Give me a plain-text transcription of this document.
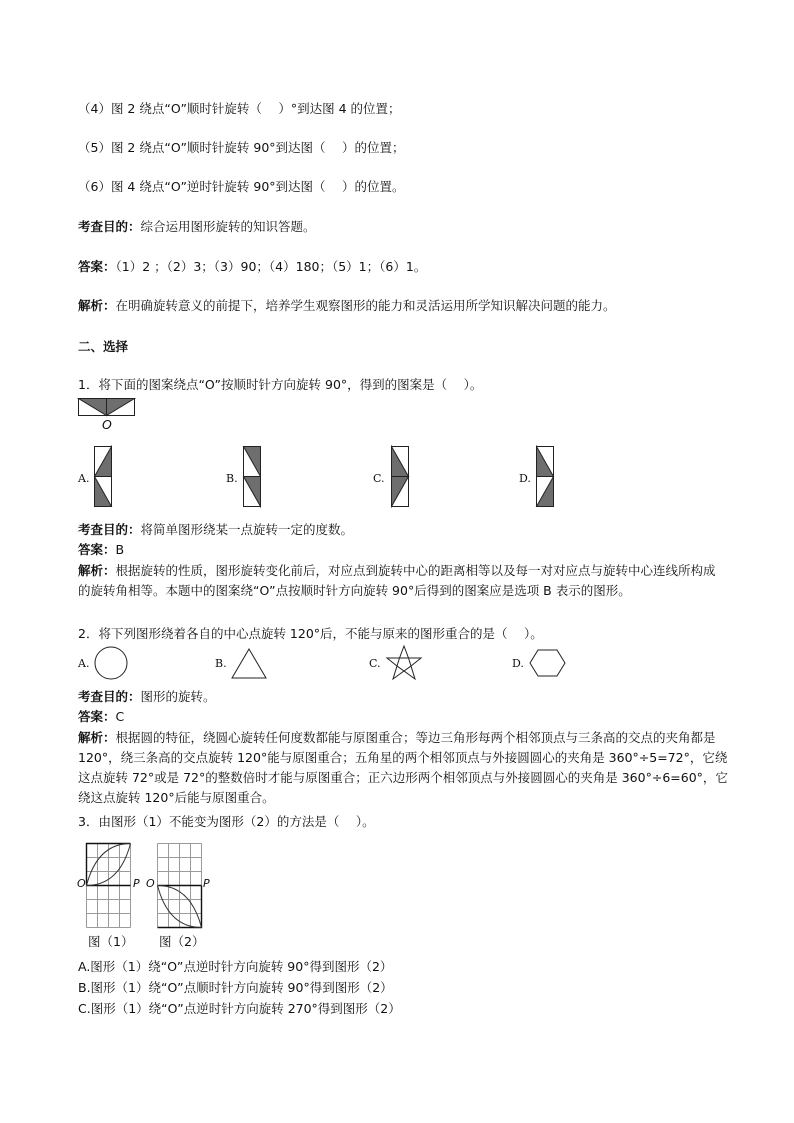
（4）图 2 绕点“O”顺时针旋转（　 ）°到达图 4 的位置；
（5）图 2 绕点“O”顺时针旋转 90°到达图（　 ）的位置；
（6）图 4 绕点“O”逆时针旋转 90°到达图（　 ）的位置。
考查目的：综合运用图形旋转的知识答题。
答案：（1）2 ；（2）3；（3）90；（4）180；（5）1；（6）1。
解析：在明确旋转意义的前提下，培养学生观察图形的能力和灵活运用所学知识解决问题的能力。
二、选择
1．将下面的图案绕点“O”按顺时针方向旋转 90°，得到的图案是（　 ）。
O
A.	B.	C.	D.
考查目的：将简单图形绕某一点旋转一定的度数。
答案：B
解析：根据旋转的性质，图形旋转变化前后，对应点到旋转中心的距离相等以及每一对对应点与旋转中心连线所构成的旋转角相等。本题中的图案绕“O”点按顺时针方向旋转 90°后得到的图案应是选项 B 表示的图形。
2．将下列图形绕着各自的中心点旋转 120°后，不能与原来的图形重合的是（　 ）。
A.	B.	C.	D.
考查目的：图形的旋转。
答案：C
解析：根据圆的特征，绕圆心旋转任何度数都能与原图重合；等边三角形每两个相邻顶点与三条高的交点的夹角都是 120°，绕三条高的交点旋转 120°能与原图重合；五角星的两个相邻顶点与外接圆圆心的夹角是 360°÷5=72°，它绕这点旋转 72°或是 72°的整数倍时才能与原图重合；正六边形两个相邻顶点与外接圆圆心的夹角是 360°÷6=60°，它绕这点旋转 120°后能与原图重合。
3．由图形（1）不能变为图形（2）的方法是（　 ）。
O	P
图（1）
O	P
图（2）
A.图形（1）绕“O”点逆时针方向旋转 90°得到图形（2）
B.图形（1）绕“O”点顺时针方向旋转 90°得到图形（2）
C.图形（1）绕“O”点逆时针方向旋转 270°得到图形（2）
